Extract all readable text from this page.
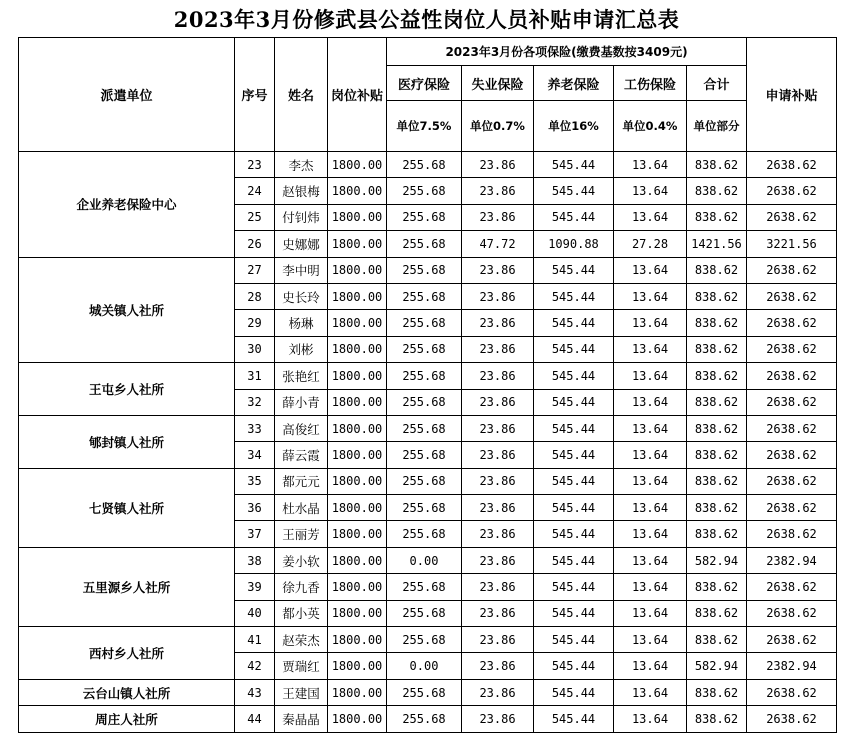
2023年3月份修武县公益性岗位人员补贴申请汇总表
派遣单位	序号	姓名	岗位补贴	2023年3月份各项保险(缴费基数按3409元)					申请补贴
				医疗保险	失业保险	养老保险	工伤保险	合计	
				单位7.5%	单位0.7%	单位16%	单位0.4%	单位部分	
企业养老保险中心	23	李杰	1800.00	255.68	23.86	545.44	13.64	838.62	2638.62
	24	赵银梅	1800.00	255.68	23.86	545.44	13.64	838.62	2638.62
	25	付钊炜	1800.00	255.68	23.86	545.44	13.64	838.62	2638.62
	26	史娜娜	1800.00	255.68	47.72	1090.88	27.28	1421.56	3221.56
城关镇人社所	27	李中明	1800.00	255.68	23.86	545.44	13.64	838.62	2638.62
	28	史长玲	1800.00	255.68	23.86	545.44	13.64	838.62	2638.62
	29	杨琳	1800.00	255.68	23.86	545.44	13.64	838.62	2638.62
	30	刘彬	1800.00	255.68	23.86	545.44	13.64	838.62	2638.62
王屯乡人社所	31	张艳红	1800.00	255.68	23.86	545.44	13.64	838.62	2638.62
	32	薛小青	1800.00	255.68	23.86	545.44	13.64	838.62	2638.62
郇封镇人社所	33	高俊红	1800.00	255.68	23.86	545.44	13.64	838.62	2638.62
	34	薛云霞	1800.00	255.68	23.86	545.44	13.64	838.62	2638.62
七贤镇人社所	35	都元元	1800.00	255.68	23.86	545.44	13.64	838.62	2638.62
	36	杜水晶	1800.00	255.68	23.86	545.44	13.64	838.62	2638.62
	37	王丽芳	1800.00	255.68	23.86	545.44	13.64	838.62	2638.62
五里源乡人社所	38	姜小软	1800.00	0.00	23.86	545.44	13.64	582.94	2382.94
	39	徐九香	1800.00	255.68	23.86	545.44	13.64	838.62	2638.62
	40	都小英	1800.00	255.68	23.86	545.44	13.64	838.62	2638.62
西村乡人社所	41	赵荣杰	1800.00	255.68	23.86	545.44	13.64	838.62	2638.62
	42	贾瑞红	1800.00	0.00	23.86	545.44	13.64	582.94	2382.94
云台山镇人社所	43	王建国	1800.00	255.68	23.86	545.44	13.64	838.62	2638.62
周庄人社所	44	秦晶晶	1800.00	255.68	23.86	545.44	13.64	838.62	2638.62
